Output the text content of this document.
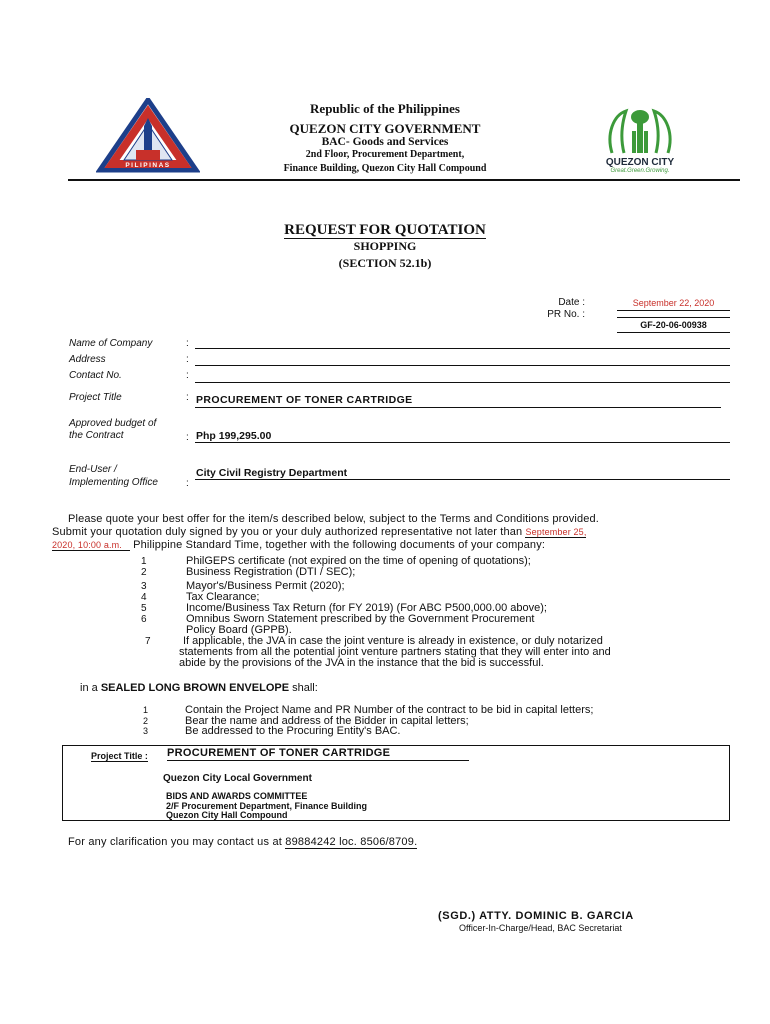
PILIPINAS
Republic of the Philippines
QUEZON CITY GOVERNMENT
BAC- Goods and Services
2nd Floor, Procurement Department,
Finance Building, Quezon City Hall Compound
QUEZON CITY
Great.Green.Growing.
REQUEST FOR QUOTATION
SHOPPING
(SECTION 52.1b)
Date :	September 22, 2020
PR No. :
GF-20-06-00938
Name of Company	:
Address	:
Contact No.	:
Project Title	: PROCUREMENT OF TONER CARTRIDGE
Approved budget of
the Contract	: Php 199,295.00
End-User /
Implementing Office	:
City Civil Registry Department
Please quote your best offer for the item/s described below, subject to the Terms and Conditions provided.
Submit your quotation duly signed by you or your duly authorized representative not later than September 25,
2020, 10:00 a.m. Philippine Standard Time, together with the following documents of your company:
1	PhilGEPS certificate (not expired on the time of opening of quotations);
2	Business Registration (DTI / SEC);
3	Mayor's/Business Permit (2020);
4	Tax Clearance;
5	Income/Business Tax Return (for FY 2019) (For ABC P500,000.00 above);
6	Omnibus Sworn Statement prescribed by the Government Procurement
Policy Board (GPPB).
7	If applicable, the JVA in case the joint venture is already in existence, or duly notarized
statements from all the potential joint venture partners stating that they will enter into and
abide by the provisions of the JVA in the instance that the bid is successful.
in a SEALED LONG BROWN ENVELOPE shall:
1	Contain the Project Name and PR Number of the contract to be bid in capital letters;
2	Bear the name and address of the Bidder in capital letters;
3	Be addressed to the Procuring Entity's BAC.
Project Title : PROCUREMENT OF TONER CARTRIDGE
Quezon City Local Government
BIDS AND AWARDS COMMITTEE
2/F Procurement Department, Finance Building
Quezon City Hall Compound
For any clarification you may contact us at 89884242 loc. 8506/8709.
(SGD.) ATTY. DOMINIC B. GARCIA
Officer-In-Charge/Head, BAC Secretariat
